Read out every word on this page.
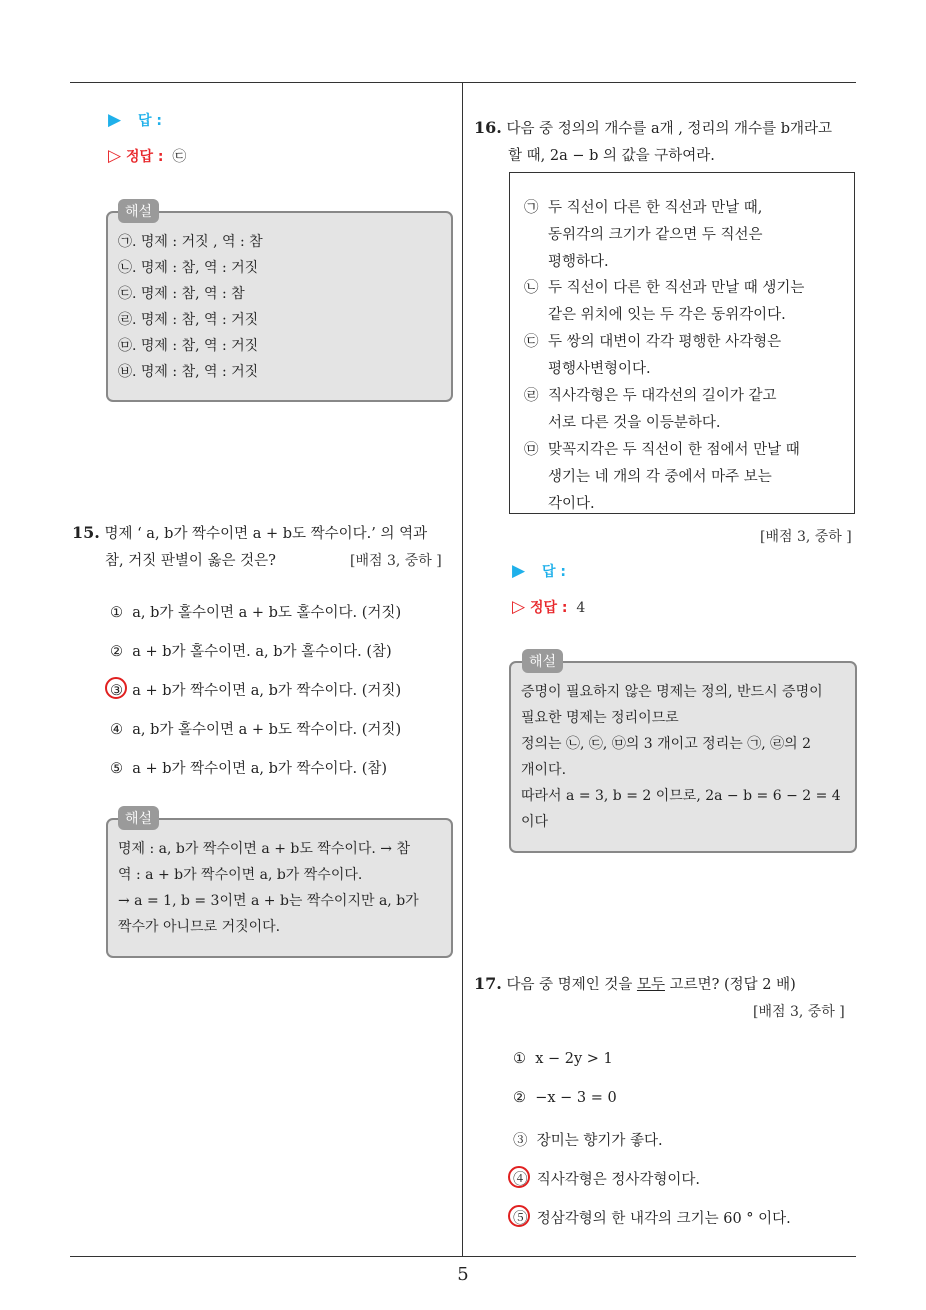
▶ 답 :
▷ 정답 : ㉢
㉠. 명제 : 거짓 , 역 : 참
㉡. 명제 : 참, 역 : 거짓
㉢. 명제 : 참, 역 : 참
㉣. 명제 : 참, 역 : 거짓
㉤. 명제 : 참, 역 : 거짓
㉥. 명제 : 참, 역 : 거짓
해설
15. 명제 ‘ a, b가 짝수이면 a + b도 짝수이다.’ 의 역과
참, 거짓 판별이 옳은 것은?	[배점 3, 중하 ]
① a, b가 홀수이면 a + b도 홀수이다. (거짓)
② a + b가 홀수이면. a, b가 홀수이다. (참)
③ a + b가 짝수이면 a, b가 짝수이다. (거짓)
④ a, b가 홀수이면 a + b도 짝수이다. (거짓)
⑤ a + b가 짝수이면 a, b가 짝수이다. (참)
명제 : a, b가 짝수이면 a + b도 짝수이다. → 참
역 : a + b가 짝수이면 a, b가 짝수이다.
→ a = 1, b = 3이면 a + b는 짝수이지만 a, b가
짝수가 아니므로 거짓이다.
해설
16. 다음 중 정의의 개수를 a개 , 정리의 개수를 b개라고
할 때, 2a − b 의 값을 구하여라.
㉠ 두 직선이 다른 한 직선과 만날 때,
동위각의 크기가 같으면 두 직선은
평행하다.
㉡ 두 직선이 다른 한 직선과 만날 때 생기는
같은 위치에 잇는 두 각은 동위각이다.
㉢ 두 쌍의 대변이 각각 평행한 사각형은
평행사변형이다.
㉣ 직사각형은 두 대각선의 길이가 같고
서로 다른 것을 이등분하다.
㉤ 맞꼭지각은 두 직선이 한 점에서 만날 때
생기는 네 개의 각 중에서 마주 보는
각이다.
[배점 3, 중하 ]
▶ 답 :
▷ 정답 : 4
증명이 필요하지 않은 명제는 정의, 반드시 증명이
필요한 명제는 정리이므로
정의는 ㉡, ㉢, ㉤의 3 개이고 정리는 ㉠, ㉣의 2
개이다.
따라서 a = 3, b = 2 이므로, 2a − b = 6 − 2 = 4
이다
해설
17. 다음 중 명제인 것을 모두 고르면? (정답 2 배)
[배점 3, 중하 ]
① x − 2y > 1
② −x − 3 = 0
③ 장미는 향기가 좋다.
④ 직사각형은 정사각형이다.
⑤ 정삼각형의 한 내각의 크기는 60 ° 이다.
5
